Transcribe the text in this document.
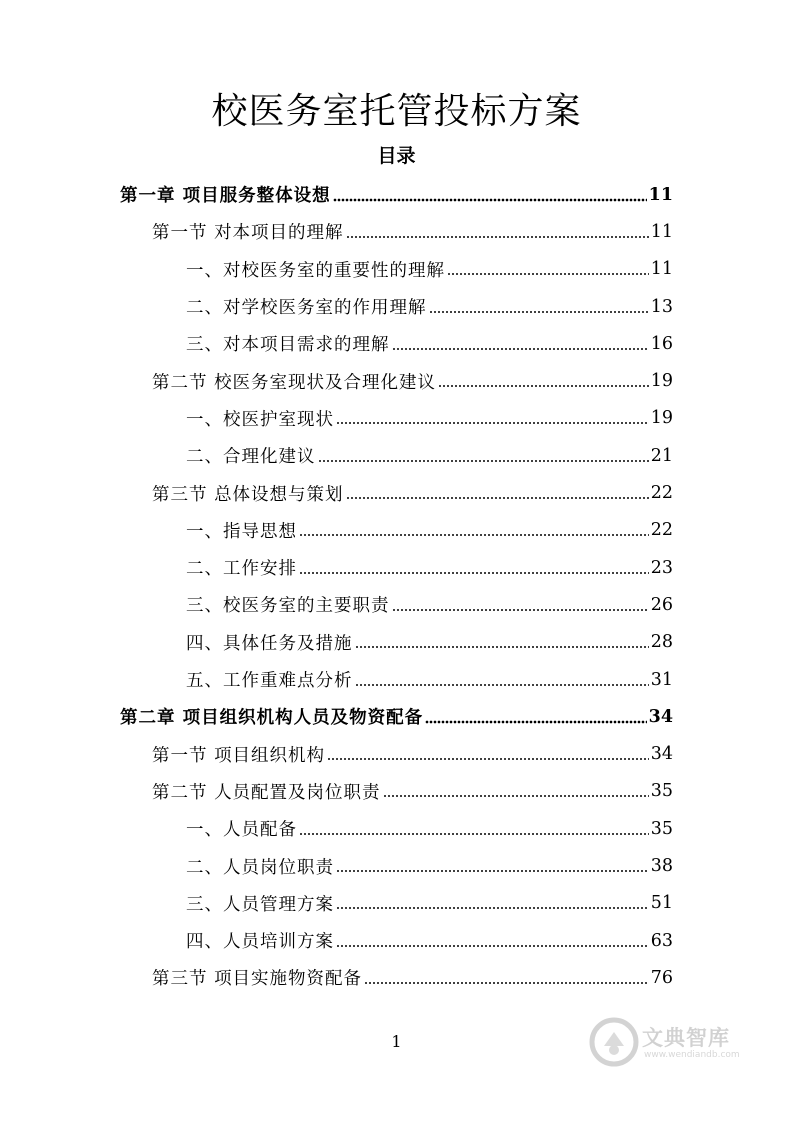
校医务室托管投标方案
目录
第一章 项目服务整体设想	11
第一节 对本项目的理解	11
一、对校医务室的重要性的理解	11
二、对学校医务室的作用理解	13
三、对本项目需求的理解	16
第二节 校医务室现状及合理化建议	19
一、校医护室现状	19
二、合理化建议	21
第三节 总体设想与策划	22
一、指导思想	22
二、工作安排	23
三、校医务室的主要职责	26
四、具体任务及措施	28
五、工作重难点分析	31
第二章 项目组织机构人员及物资配备	34
第一节 项目组织机构	34
第二节 人员配置及岗位职责	35
一、人员配备	35
二、人员岗位职责	38
三、人员管理方案	51
四、人员培训方案	63
第三节 项目实施物资配备	76
1	文典智库
www.wendiandb.com
